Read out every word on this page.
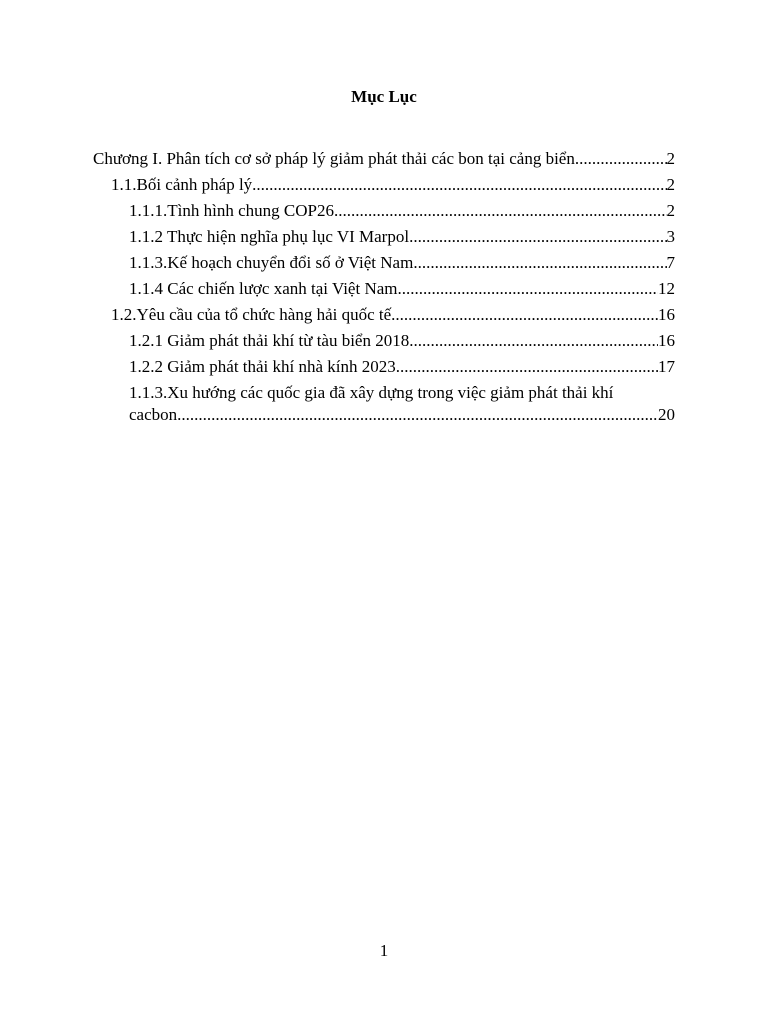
Mục Lục
Chương I. Phân tích cơ sở pháp lý giảm phát thải các bon tại cảng biển .....	2
1.1.Bối cảnh pháp lý .....	2
1.1.1.Tình hình chung COP26 .....	2
1.1.2 Thực hiện nghĩa phụ lục VI Marpol .....	3
1.1.3.Kế hoạch chuyển đổi số ở Việt Nam .....	7
1.1.4 Các chiến lược xanh tại Việt Nam .....	12
1.2.Yêu cầu của tổ chức hàng hải quốc tế .....	16
1.2.1 Giảm phát thải khí từ tàu biển 2018 .....	16
1.2.2 Giảm phát thải khí nhà kính 2023 .....	17
1.1.3.Xu hướng các quốc gia đã xây dựng trong việc giảm phát thải khí
cacbon .....	20
1
